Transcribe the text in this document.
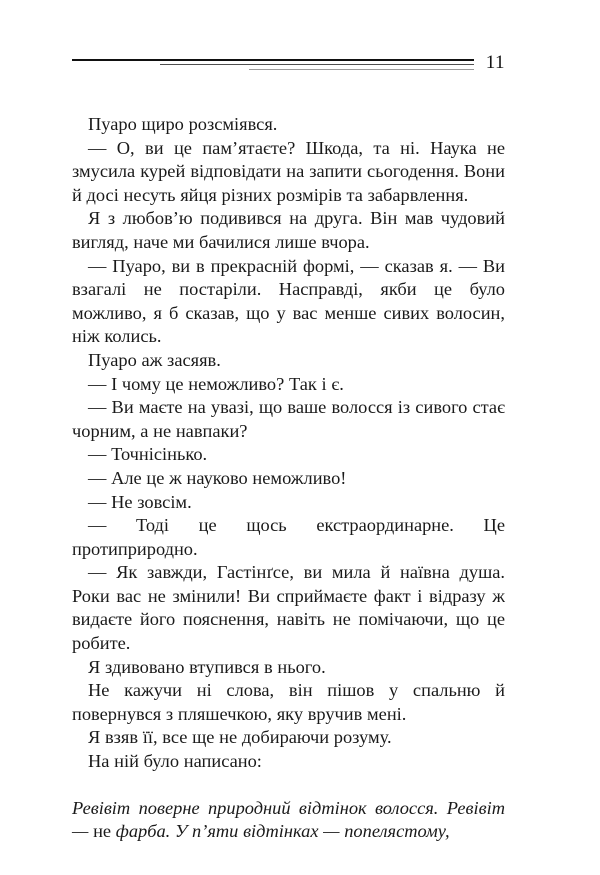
11

Пуаро щиро розсміявся.

— О, ви це пам’ятаєте? Шкода, та ні. Наука не змусила курей відповідати на запити сьогодення. Вони й досі несуть яйця різних розмірів та забарвлення.

Я з любов’ю подивився на друга. Він мав чудовий вигляд, наче ми бачилися лише вчора.

— Пуаро, ви в прекрасній формі, — сказав я. — Ви взагалі не постаріли. Насправді, якби це було можливо, я б сказав, що у вас менше сивих волосин, ніж колись.

Пуаро аж засяяв.

— І чому це неможливо? Так і є.

— Ви маєте на увазі, що ваше волосся із сивого стає чорним, а не навпаки?

— Точнісінько.

— Але це ж науково неможливо!

— Не зовсім.

— Тоді це щось екстраординарне. Це протиприродно.

— Як завжди, Гастінґсе, ви мила й наївна душа. Роки вас не змінили! Ви сприймаєте факт і відразу ж видаєте його пояснення, навіть не помічаючи, що це робите.

Я здивовано втупився в нього.

Не кажучи ні слова, він пішов у спальню й повернувся з пляшечкою, яку вручив мені.

Я взяв її, все ще не добираючи розуму.

На ній було написано:

Ревівіт поверне природний відтінок волосся. Ревівіт — не фарба. У п’яти відтінках — попелястому,
